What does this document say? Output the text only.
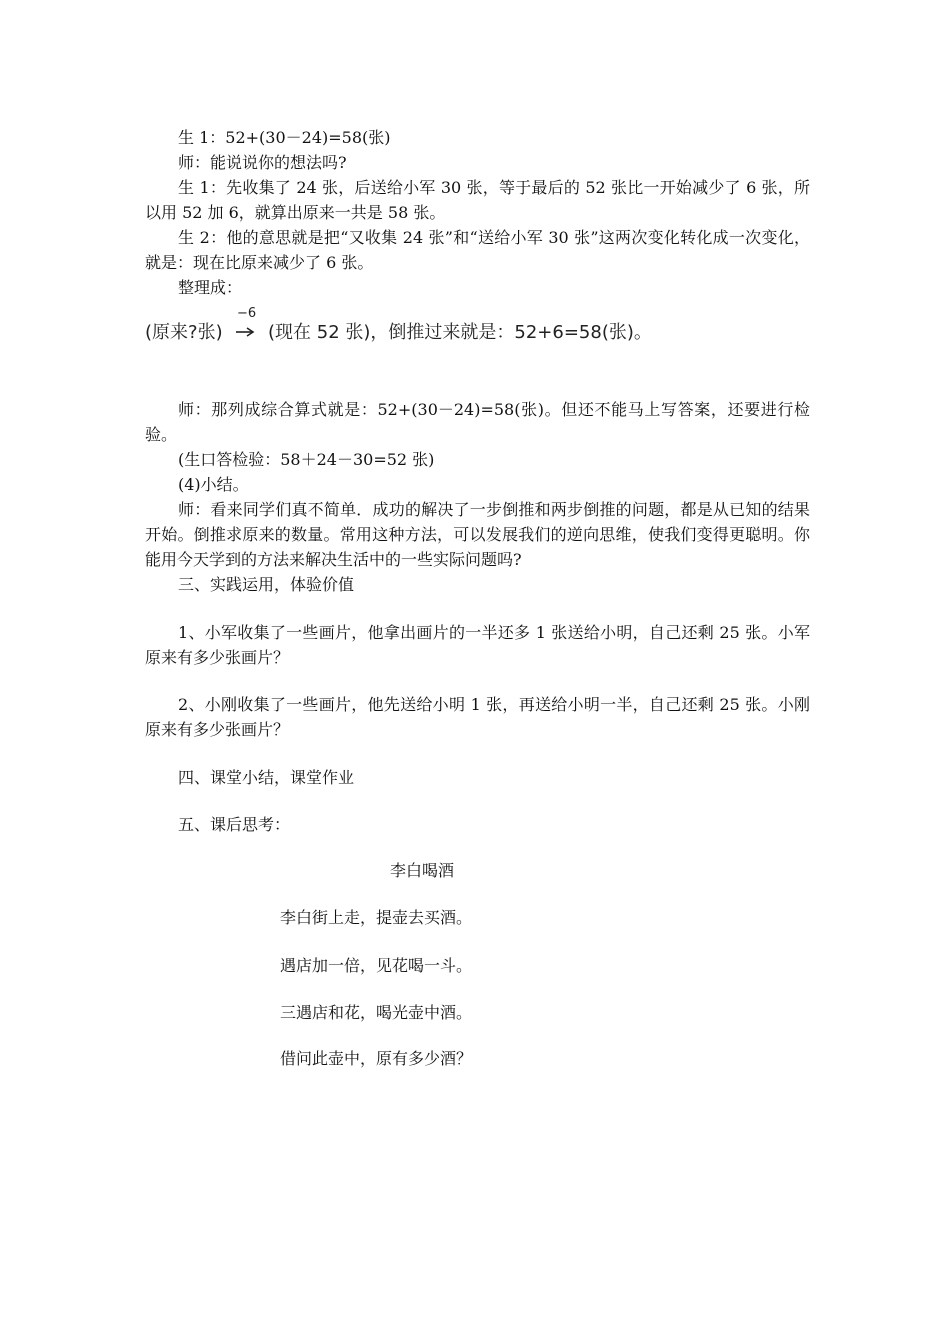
生 1：52+(30－24)=58(张)

师：能说说你的想法吗?

生 1：先收集了 24 张，后送给小军 30 张，等于最后的 52 张比一开始减少了 6 张，所以用 52 加 6，就算出原来一共是 58 张。

生 2：他的意思就是把“又收集 24 张”和“送给小军 30 张”这两次变化转化成一次变化，就是：现在比原来减少了 6 张。

整理成：

(原来?张)
−6
(现在 52 张)，倒推过来就是：52+6=58(张)。

师：那列成综合算式就是：52+(30－24)=58(张)。但还不能马上写答案，还要进行检验。

(生口答检验：58＋24－30=52 张)

(4)小结。

师：看来同学们真不简单．成功的解决了一步倒推和两步倒推的问题，都是从已知的结果开始。倒推求原来的数量。常用这种方法，可以发展我们的逆向思维，使我们变得更聪明。你能用今天学到的方法来解决生活中的一些实际问题吗?

三、实践运用，体验价值

1、小军收集了一些画片，他拿出画片的一半还多 1 张送给小明，自己还剩 25 张。小军原来有多少张画片？

2、小刚收集了一些画片，他先送给小明 1 张，再送给小明一半，自己还剩 25 张。小刚原来有多少张画片？

四、课堂小结，课堂作业

五、课后思考：

李白喝酒

李白街上走，提壶去买酒。

遇店加一倍，见花喝一斗。

三遇店和花，喝光壶中酒。

借问此壶中，原有多少酒？
